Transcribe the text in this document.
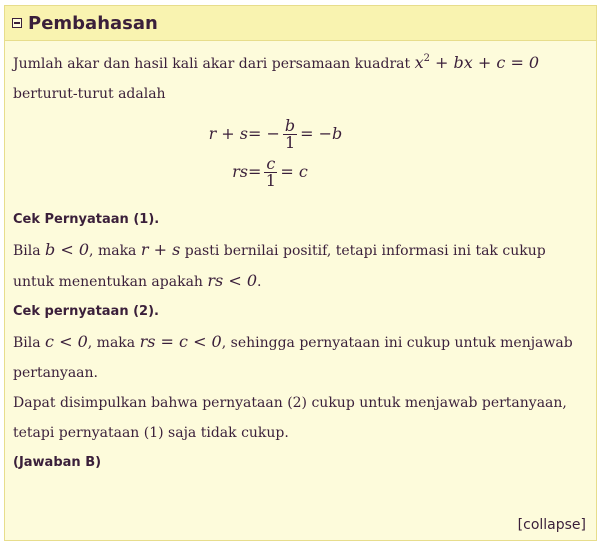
Pembahasan

Jumlah akar dan hasil kali akar dari persamaan kuadrat $x^2$ + bx + c = 0 berturut-turut adalah

r + s = − $\frac{b}{1} = -b$
rs = $\frac{c}{1} = c$

Cek Pernyataan (1).

Bila b < 0, maka r + s pasti bernilai positif, tetapi informasi ini tak cukup untuk menentukan apakah rs < 0.

Cek pernyataan (2).

Bila c < 0, maka rs = c < 0, sehingga pernyataan ini cukup untuk menjawab pertanyaan.

Dapat disimpulkan bahwa pernyataan (2) cukup untuk menjawab pertanyaan, tetapi pernyataan (1) saja tidak cukup.

(Jawaban B)

[collapse]
